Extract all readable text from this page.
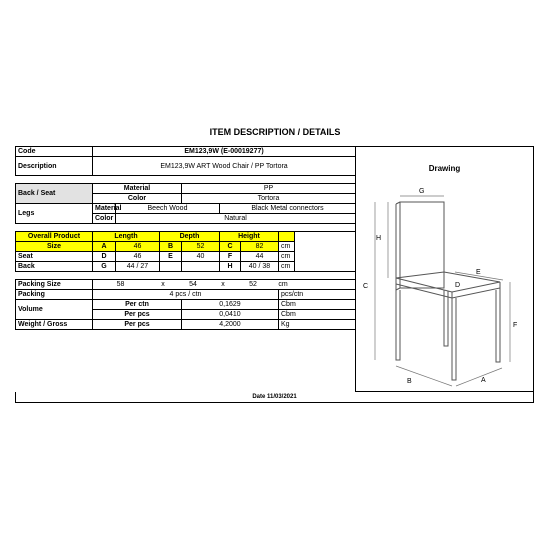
ITEM DESCRIPTION / DETAILS
Code	EM123,9W (E-00019277)							
Description	EM123,9W ART Wood Chair / PP Tortora							

Back / Seat	Material			PP				
	Color			Tortora				
Legs	Material	Beech Wood			Black Metal connectors			
	Color	Natural						

Overall Product	Length		Depth		Height			
Size	A	46	B	52	C	82	cm	
Seat	D	46	E	40	F	44	cm	
Back	G	44 / 27			H	40 / 38	cm	

Packing Size	58 x 54 x 52 cm							
Packing	4 pcs / ctn						pcs/ctn	
Volume	Per ctn			0,1629			Cbm	
	Per pcs			0,0410			Cbm	
Weight / Gross	Per pcs			4,2000			Kg	
Drawing
G
H
C
E
D
F
B	A
Date 11/03/2021
